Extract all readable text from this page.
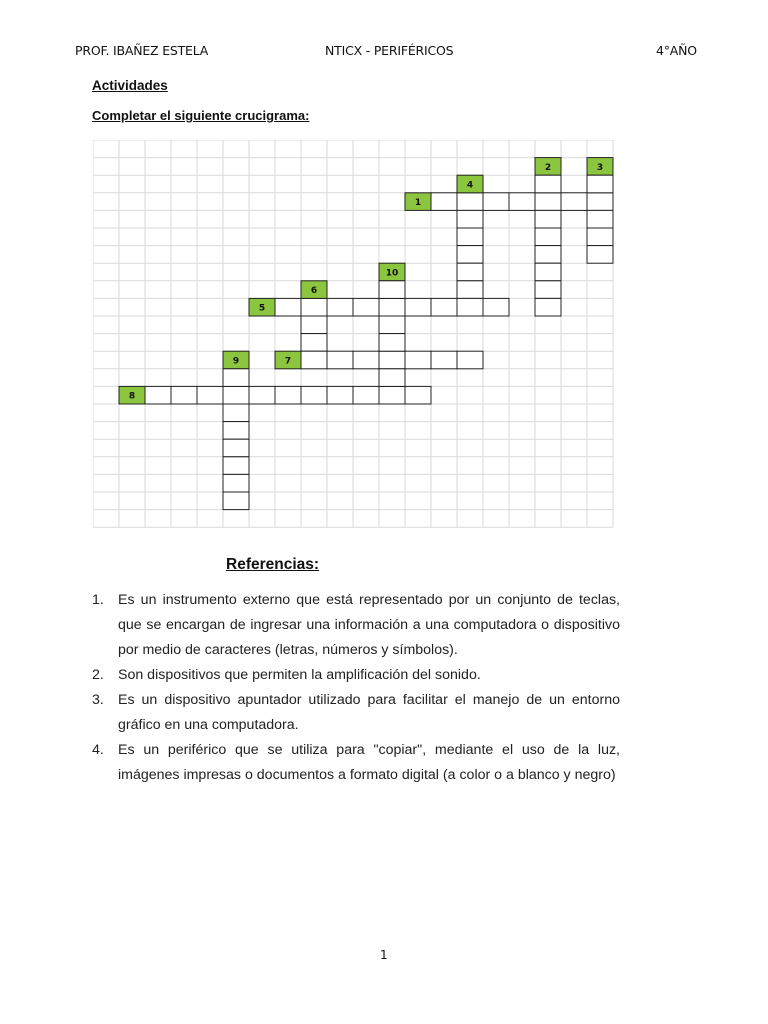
PROF. IBAÑEZ ESTELA	NTICX - PERIFÉRICOS	4°AÑO
Actividades
Completar el siguiente crucigrama:
1
2	3
4
5
6
7
8
9
10
Referencias:
1. Es un instrumento externo que está representado por un conjunto de teclas, que se encargan de ingresar una información a una computadora o dispositivo por medio de caracteres (letras, números y símbolos).
2. Son dispositivos que permiten la amplificación del sonido.
3. Es un dispositivo apuntador utilizado para facilitar el manejo de un entorno gráfico en una computadora.
4. Es un periférico que se utiliza para "copiar", mediante el uso de la luz, imágenes impresas o documentos a formato digital (a color o a blanco y negro)
1
